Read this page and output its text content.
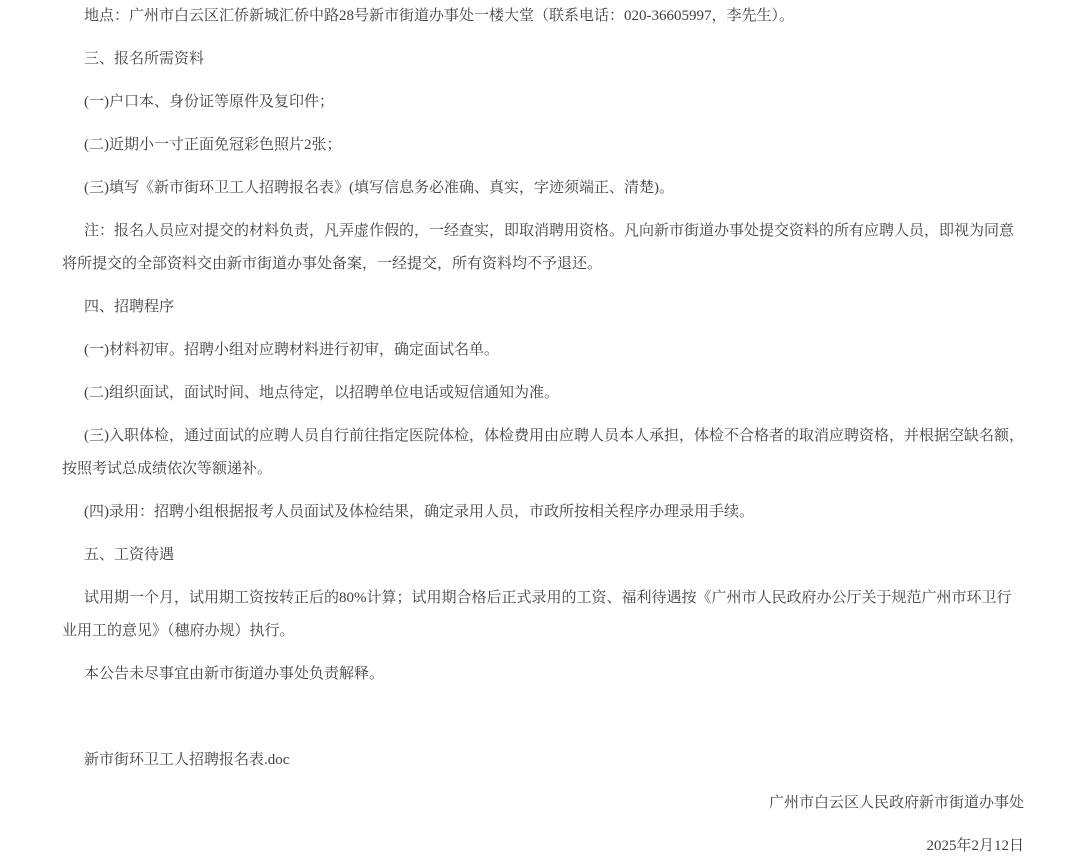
地点：广州市白云区汇侨新城汇侨中路28号新市街道办事处一楼大堂（联系电话：020-36605997，李先生）。

三、报名所需资料

(一)户口本、身份证等原件及复印件；

(二)近期小一寸正面免冠彩色照片2张；

(三)填写《新市街环卫工人招聘报名表》(填写信息务必准确、真实，字迹须端正、清楚)。

注：报名人员应对提交的材料负责，凡弄虚作假的，一经查实，即取消聘用资格。凡向新市街道办事处提交资料的所有应聘人员，即视为同意将所提交的全部资料交由新市街道办事处备案，一经提交，所有资料均不予退还。

四、招聘程序

(一)材料初审。招聘小组对应聘材料进行初审，确定面试名单。

(二)组织面试，面试时间、地点待定，以招聘单位电话或短信通知为准。

(三)入职体检，通过面试的应聘人员自行前往指定医院体检，体检费用由应聘人员本人承担，体检不合格者的取消应聘资格，并根据空缺名额，按照考试总成绩依次等额递补。

(四)录用：招聘小组根据报考人员面试及体检结果，确定录用人员，市政所按相关程序办理录用手续。

五、工资待遇

试用期一个月，试用期工资按转正后的80%计算；试用期合格后正式录用的工资、福利待遇按《广州市人民政府办公厅关于规范广州市环卫行业用工的意见》（穗府办规）执行。

本公告未尽事宜由新市街道办事处负责解释。

新市街环卫工人招聘报名表.doc

广州市白云区人民政府新市街道办事处

2025年2月12日
